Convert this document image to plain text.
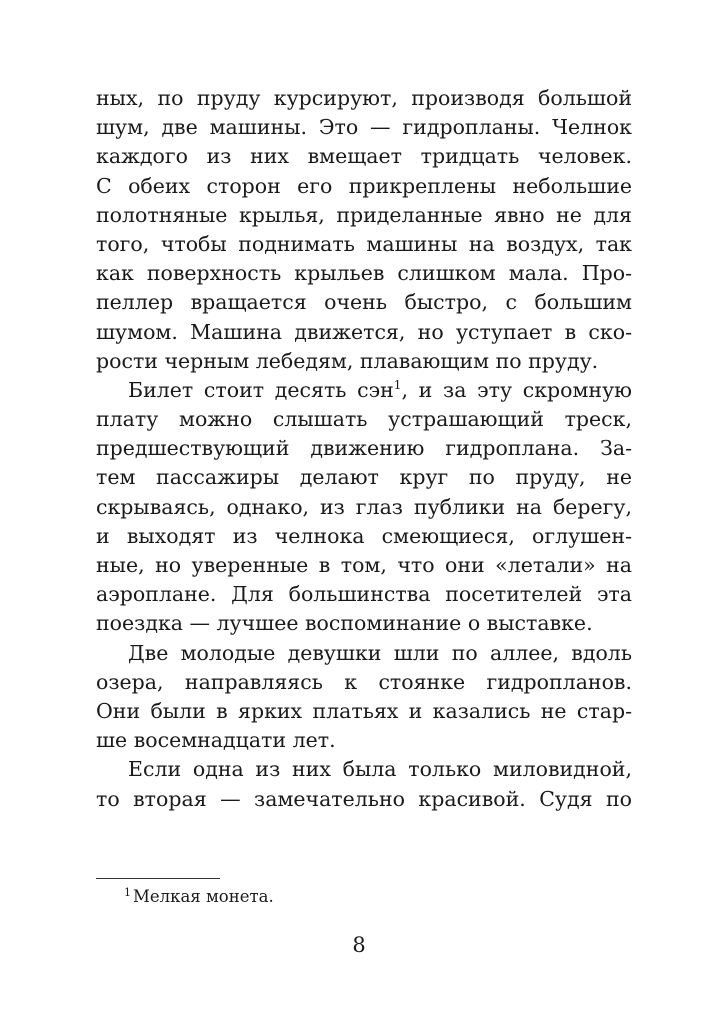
ных, по пруду курсируют, производя большой
шум, две машины. Это — гидропланы. Челнок
каждого из них вмещает тридцать человек.
С обеих сторон его прикреплены небольшие
полотняные крылья, приделанные явно не для
того, чтобы поднимать машины на воздух, так
как поверхность крыльев слишком мала. Про-
пеллер вращается очень быстро, с большим
шумом. Машина движется, но уступает в ско-
рости черным лебедям, плавающим по пруду.
Билет стоит десять сэн$^1$, и за эту скромную
плату можно слышать устрашающий треск,
предшествующий движению гидроплана. За-
тем пассажиры делают круг по пруду, не
скрываясь, однако, из глаз публики на берегу,
и выходят из челнока смеющиеся, оглушен-
ные, но уверенные в том, что они «летали» на
аэроплане. Для большинства посетителей эта
поездка — лучшее воспоминание о выставке.
Две молодые девушки шли по аллее, вдоль
озера, направляясь к стоянке гидропланов.
Они были в ярких платьях и казались не стар-
ше восемнадцати лет.
Если одна из них была только миловидной,
то вторая — замечательно красивой. Судя по
$^1$ Мелкая монета.
8
